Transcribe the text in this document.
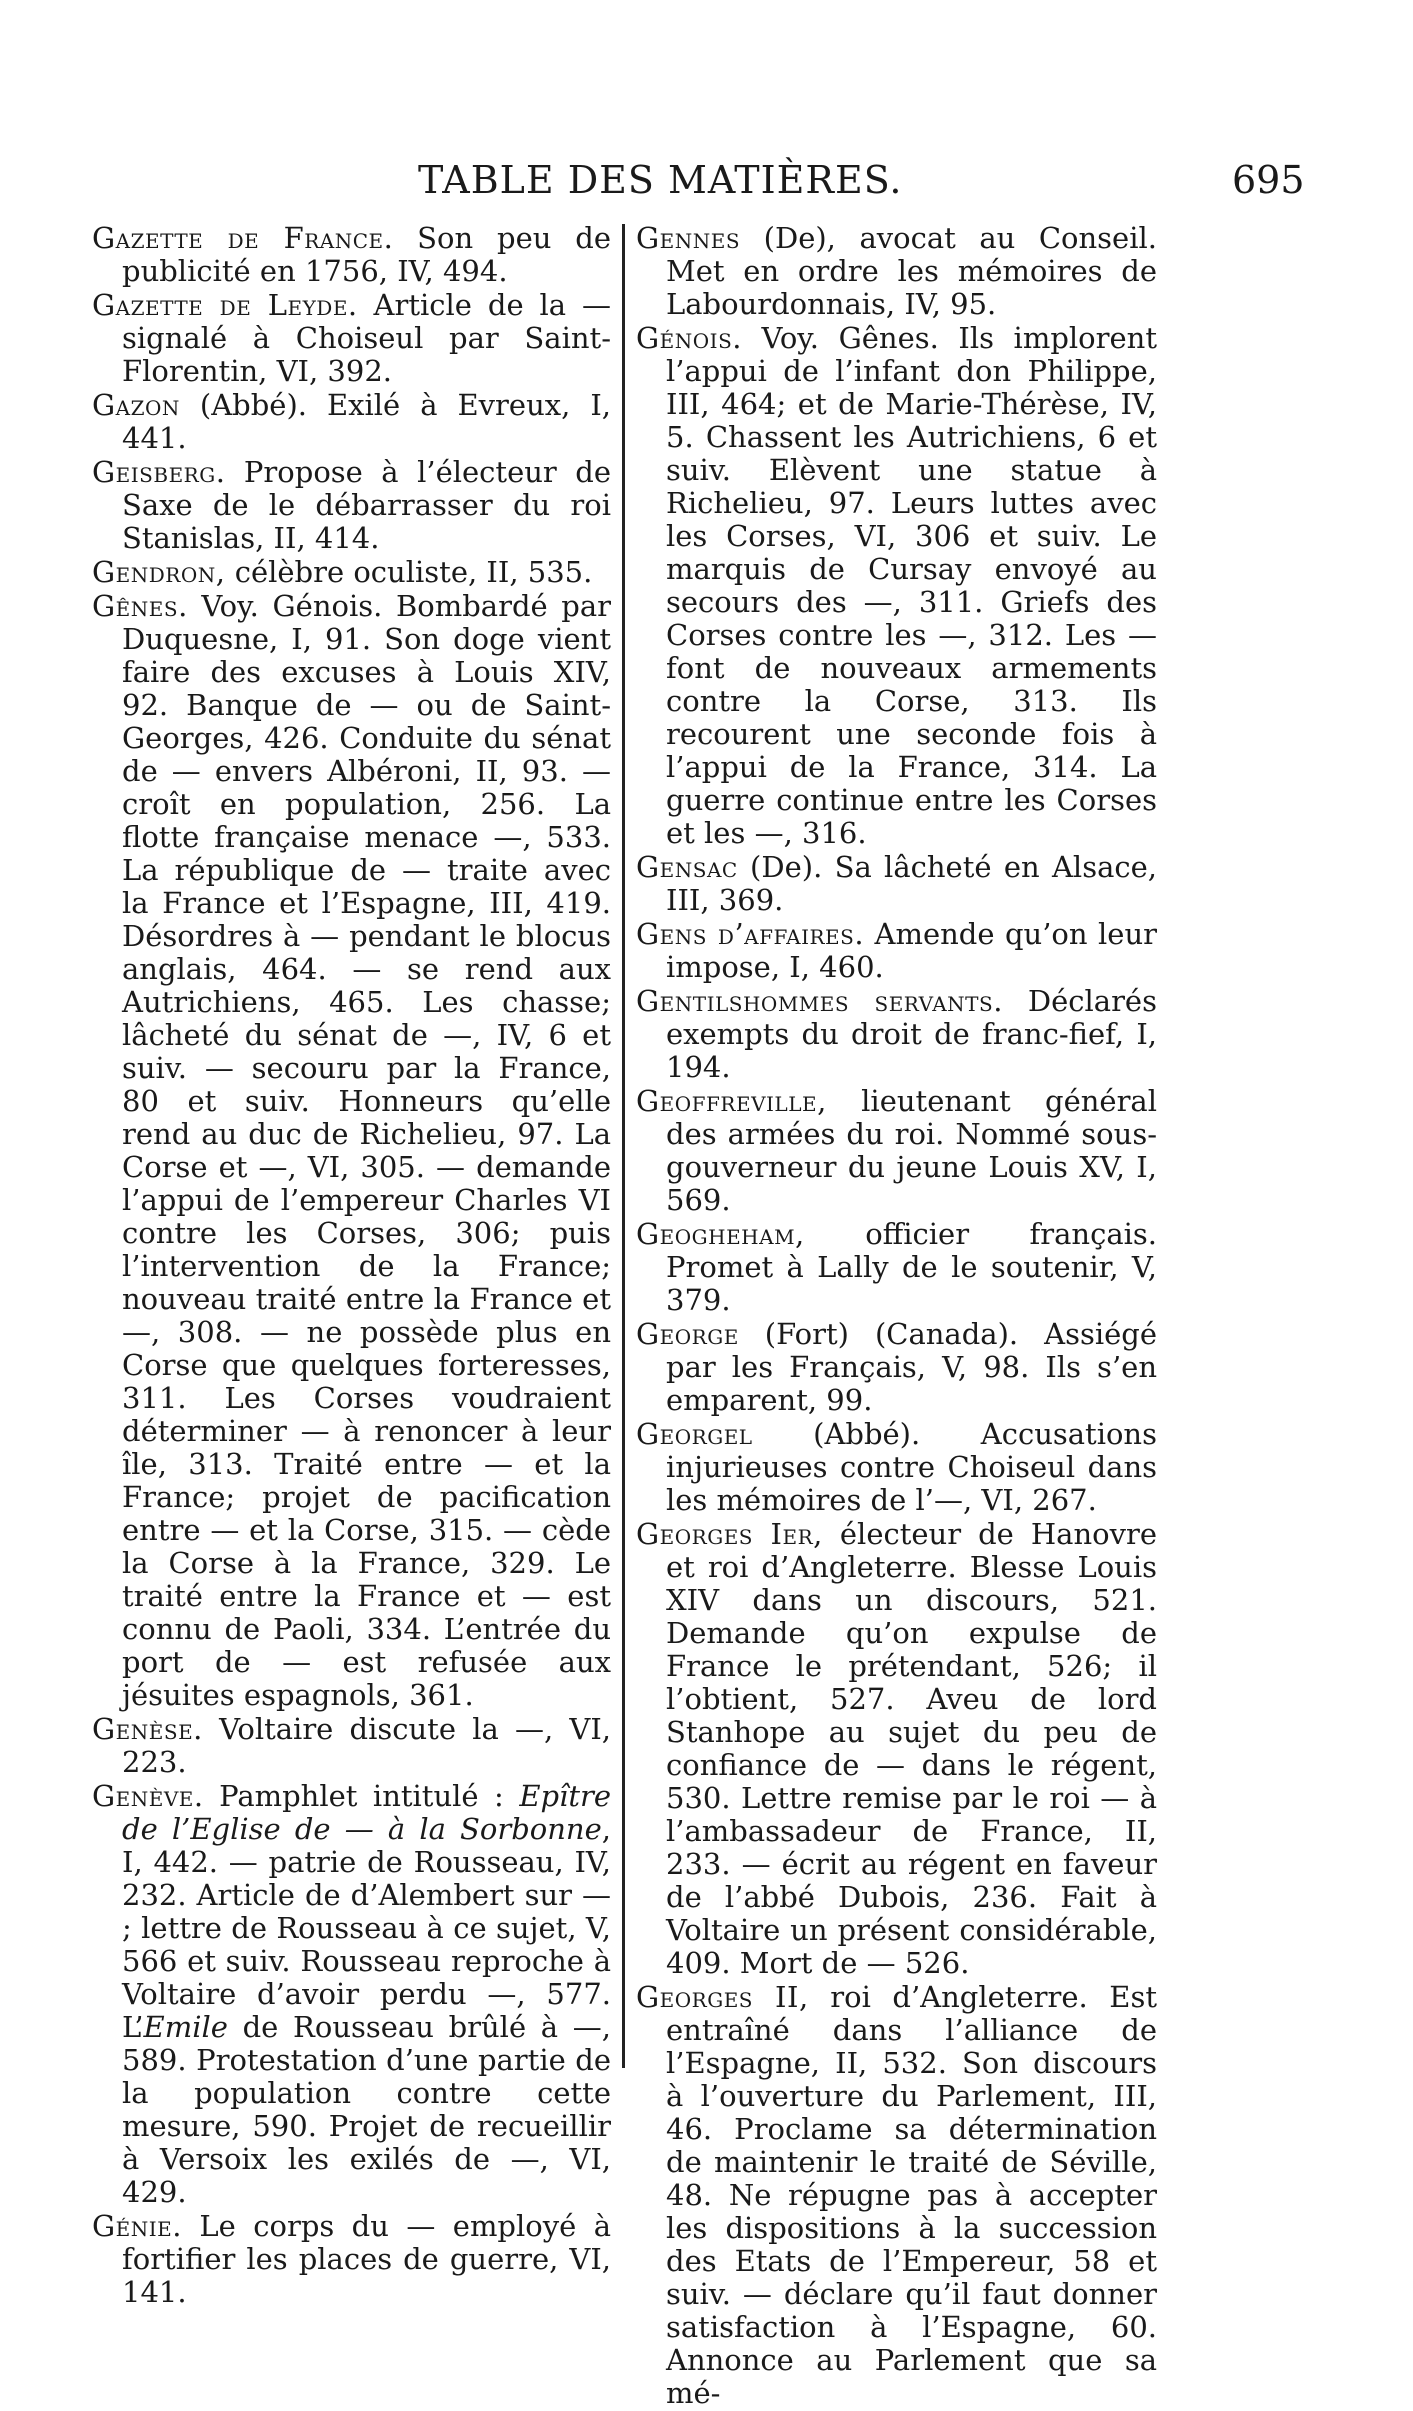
TABLE DES MATIÈRES.	695

Gazette de France. Son peu de publicité en 1756, IV, 494.

Gazette de Leyde. Article de la — signalé à Choiseul par Saint-Florentin, VI, 392.

Gazon (Abbé). Exilé à Evreux, I, 441.

Geisberg. Propose à l’électeur de Saxe de le débarrasser du roi Stanislas, II, 414.

Gendron, célèbre oculiste, II, 535.

Gênes. Voy. Génois. Bombardé par Duquesne, I, 91. Son doge vient faire des excuses à Louis XIV, 92. Banque de — ou de Saint-Georges, 426. Conduite du sénat de — envers Albéroni, II, 93. — croît en population, 256. La flotte française menace —, 533. La république de — traite avec la France et l’Espagne, III, 419. Désordres à — pendant le blocus anglais, 464. — se rend aux Autrichiens, 465. Les chasse; lâcheté du sénat de —, IV, 6 et suiv. — secouru par la France, 80 et suiv. Honneurs qu’elle rend au duc de Richelieu, 97. La Corse et —, VI, 305. — demande l’appui de l’empereur Charles VI contre les Corses, 306; puis l’intervention de la France; nouveau traité entre la France et —, 308. — ne possède plus en Corse que quelques forteresses, 311. Les Corses voudraient déterminer — à renoncer à leur île, 313. Traité entre — et la France; projet de pacification entre — et la Corse, 315. — cède la Corse à la France, 329. Le traité entre la France et — est connu de Paoli, 334. L’entrée du port de — est refusée aux jésuites espagnols, 361.

Genèse. Voltaire discute la —, VI, 223.

Genève. Pamphlet intitulé : Epître de l’Eglise de — à la Sorbonne, I, 442. — patrie de Rousseau, IV, 232. Article de d’Alembert sur — ; lettre de Rousseau à ce sujet, V, 566 et suiv. Rousseau reproche à Voltaire d’avoir perdu —, 577. L’Emile de Rousseau brûlé à —, 589. Protestation d’une partie de la population contre cette mesure, 590. Projet de recueillir à Versoix les exilés de —, VI, 429.

Génie. Le corps du — employé à fortifier les places de guerre, VI, 141.

Gennes (De), avocat au Conseil. Met en ordre les mémoires de Labourdonnais, IV, 95.

Génois. Voy. Gênes. Ils implorent l’appui de l’infant don Philippe, III, 464; et de Marie-Thérèse, IV, 5. Chassent les Autrichiens, 6 et suiv. Elèvent une statue à Richelieu, 97. Leurs luttes avec les Corses, VI, 306 et suiv. Le marquis de Cursay envoyé au secours des —, 311. Griefs des Corses contre les —, 312. Les — font de nouveaux armements contre la Corse, 313. Ils recourent une seconde fois à l’appui de la France, 314. La guerre continue entre les Corses et les —, 316.

Gensac (De). Sa lâcheté en Alsace, III, 369.

Gens d’affaires. Amende qu’on leur impose, I, 460.

Gentilshommes servants. Déclarés exempts du droit de franc-fief, I, 194.

Geoffreville, lieutenant général des armées du roi. Nommé sous-gouverneur du jeune Louis XV, I, 569.

Geogheham, officier français. Promet à Lally de le soutenir, V, 379.

George (Fort) (Canada). Assiégé par les Français, V, 98. Ils s’en emparent, 99.

Georgel (Abbé). Accusations injurieuses contre Choiseul dans les mémoires de l’—, VI, 267.

Georges Ier, électeur de Hanovre et roi d’Angleterre. Blesse Louis XIV dans un discours, 521. Demande qu’on expulse de France le prétendant, 526; il l’obtient, 527. Aveu de lord Stanhope au sujet du peu de confiance de — dans le régent, 530. Lettre remise par le roi — à l’ambassadeur de France, II, 233. — écrit au régent en faveur de l’abbé Dubois, 236. Fait à Voltaire un présent considérable, 409. Mort de — 526.

Georges II, roi d’Angleterre. Est entraîné dans l’alliance de l’Espagne, II, 532. Son discours à l’ouverture du Parlement, III, 46. Proclame sa détermination de maintenir le traité de Séville, 48. Ne répugne pas à accepter les dispositions à la succession des Etats de l’Empereur, 58 et suiv. — déclare qu’il faut donner satisfaction à l’Espagne, 60. Annonce au Parlement que sa mé-
